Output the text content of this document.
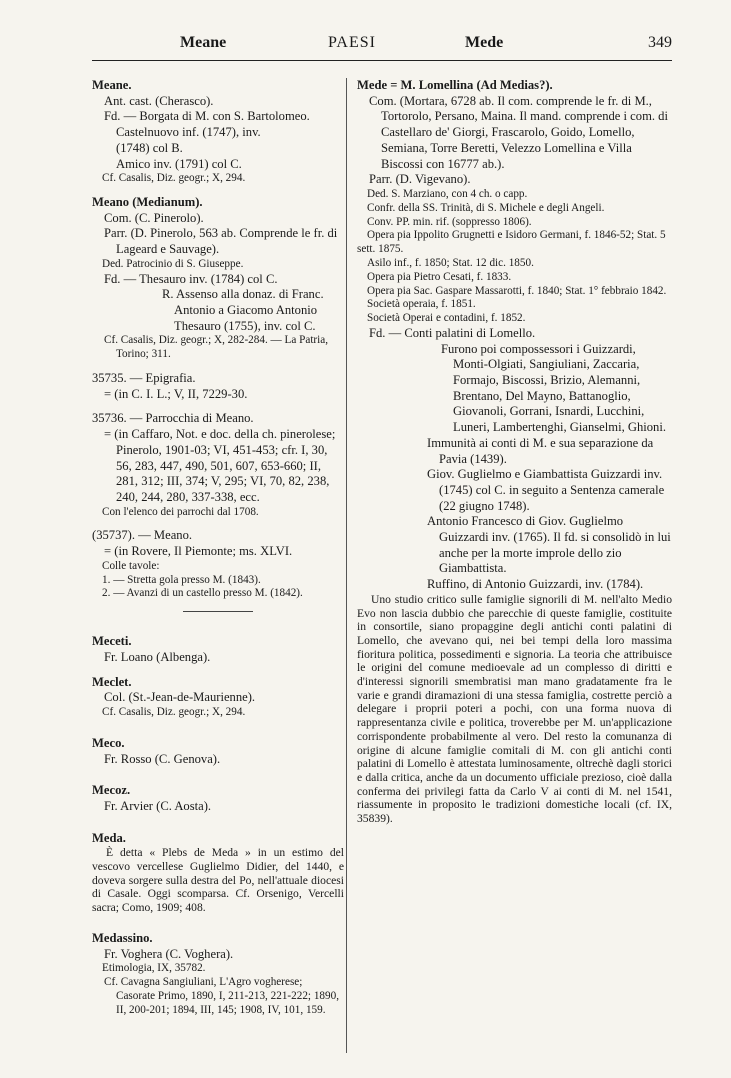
Meane	PAESI	Mede	349
Meane.
Ant. cast. (Cherasco).
Fd. — Borgata di M. con S. Bartolomeo.
Castelnuovo inf. (1747), inv.
(1748) col B.
Amico inv. (1791) col C.
Cf. Casalis, Diz. geogr.; X, 294.
Meano (Medianum).
Com. (C. Pinerolo).
Parr. (D. Pinerolo, 563 ab. Comprende le fr. di Lageard e Sauvage).
Ded. Patrocinio di S. Giuseppe.
Fd. — Thesauro inv. (1784) col C.
R. Assenso alla donaz. di Franc. Antonio a Giacomo Antonio Thesauro (1755), inv. col C.
Cf. Casalis, Diz. geogr.; X, 282-284. — La Patria, Torino; 311.
35735. — Epigrafia.
= (in C. I. L.; V, II, 7229-30.
35736. — Parrocchia di Meano.
= (in Caffaro, Not. e doc. della ch. pinerolese; Pinerolo, 1901-03; VI, 451-453; cfr. I, 30, 56, 283, 447, 490, 501, 607, 653-660; II, 281, 312; III, 374; V, 295; VI, 70, 82, 238, 240, 244, 280, 337-338, ecc.
Con l'elenco dei parrochi dal 1708.
(35737). — Meano.
= (in Rovere, Il Piemonte; ms. XLVI.
Colle tavole:
1. — Stretta gola presso M. (1843).
2. — Avanzi di un castello presso M. (1842).
Meceti.
Fr. Loano (Albenga).
Meclet.
Col. (St.-Jean-de-Maurienne).
Cf. Casalis, Diz. geogr.; X, 294.
Meco.
Fr. Rosso (C. Genova).
Mecoz.
Fr. Arvier (C. Aosta).
Meda.
È detta « Plebs de Meda » in un estimo del vescovo vercellese Guglielmo Didier, del 1440, e doveva sorgere sulla destra del Po, nell'attuale diocesi di Casale. Oggi scomparsa. Cf. Orsenigo, Vercelli sacra; Como, 1909; 408.
Medassino.
Fr. Voghera (C. Voghera).
Etimologia, IX, 35782.
Cf. Cavagna Sangiuliani, L'Agro vogherese; Casorate Primo, 1890, I, 211-213, 221-222; 1890, II, 200-201; 1894, III, 145; 1908, IV, 101, 159.
Mede = M. Lomellina (Ad Medias?).
Com. (Mortara, 6728 ab. Il com. comprende le fr. di M., Tortorolo, Persano, Maina. Il mand. comprende i com. di Castellaro de' Giorgi, Frascarolo, Goido, Lomello, Semiana, Torre Beretti, Velezzo Lomellina e Villa Biscossi con 16777 ab.).
Parr. (D. Vigevano).
Ded. S. Marziano, con 4 ch. o capp.
Confr. della SS. Trinità, di S. Michele e degli Angeli.
Conv. PP. min. rif. (soppresso 1806).
Opera pia Ippolito Grugnetti e Isidoro Germani, f. 1846-52; Stat. 5 sett. 1875.
Asilo inf., f. 1850; Stat. 12 dic. 1850.
Opera pia Pietro Cesati, f. 1833.
Opera pia Sac. Gaspare Massarotti, f. 1840; Stat. 1° febbraio 1842.
Società operaia, f. 1851.
Società Operai e contadini, f. 1852.
Fd. — Conti palatini di Lomello.
Furono poi compossessori i Guizzardi, Monti-Olgiati, Sangiuliani, Zaccaria, Formajo, Biscossi, Brizio, Alemanni, Brentano, Del Mayno, Battanoglio, Giovanoli, Gorrani, Isnardi, Lucchini, Luneri, Lambertenghi, Gianselmi, Ghioni.
Immunità ai conti di M. e sua separazione da Pavia (1439).
Giov. Guglielmo e Giambattista Guizzardi inv. (1745) col C. in seguito a Sentenza camerale (22 giugno 1748).
Antonio Francesco di Giov. Guglielmo Guizzardi inv. (1765). Il fd. si consolidò in lui anche per la morte improle dello zio Giambattista.
Ruffino, di Antonio Guizzardi, inv. (1784).
Uno studio critico sulle famiglie signorili di M. nell'alto Medio Evo non lascia dubbio che parecchie di queste famiglie, costituite in consortile, siano propaggine degli antichi conti palatini di Lomello, che avevano qui, nei bei tempi della loro massima fioritura politica, possedimenti e signoria. La teoria che attribuisce le origini del comune medioevale ad un complesso di diritti e d'interessi signorili smembratisi man mano gradatamente fra le varie e grandi diramazioni di una stessa famiglia, costrette perciò a delegare i proprii poteri a pochi, con una forma nuova di rappresentanza civile e politica, troverebbe per M. un'applicazione corrispondente probabilmente al vero. Del resto la comunanza di origine di alcune famiglie comitali di M. con gli antichi conti palatini di Lomello è attestata luminosamente, oltrechè dagli storici e dalla critica, anche da un documento ufficiale prezioso, cioè dalla conferma dei privilegi fatta da Carlo V ai conti di M. nel 1541, riassumente in proposito le tradizioni domestiche locali (cf. IX, 35839).
